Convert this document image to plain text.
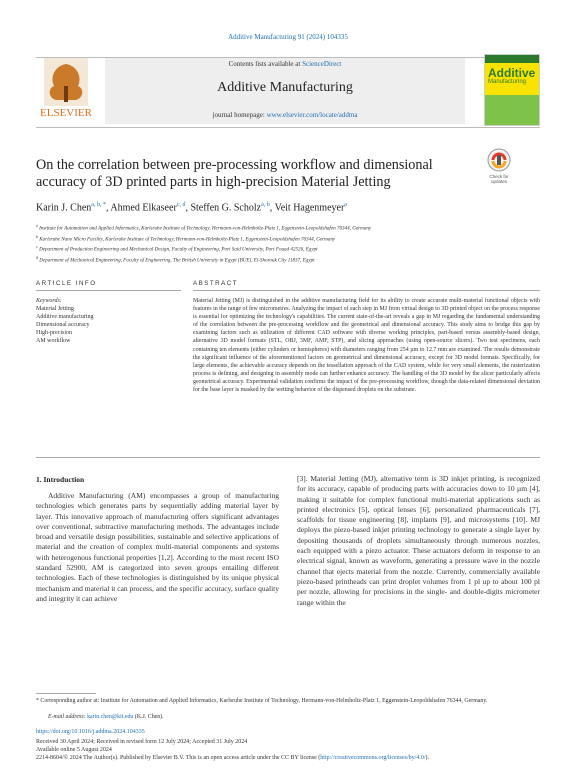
Additive Manufacturing 91 (2024) 104335
ELSEVIER
Contents lists available at ScienceDirect
Additive Manufacturing
journal homepage: www.elsevier.com/locate/addma
Additive
Manufacturing
On the correlation between pre-processing workflow and dimensional accuracy of 3D printed parts in high-precision Material Jetting	Check for updates
Karin J. Chen$^{a, b, *}$, Ahmed Elkaseer$^{c, d}$, Steffen G. Scholz$^{a, b}$, Veit Hagenmeyer$^a$
$^a$ Institute for Automation and Applied Informatics, Karlsruhe Institute of Technology, Hermann-von-Helmholtz-Platz 1, Eggenstein-Leopoldshafen 76344, Germany
$^b$ Karlsruhe Nano Micro Facility, Karlsruhe Institute of Technology, Hermann-von-Helmholtz-Platz 1, Eggenstein-Leopoldshafen 76344, Germany
$^c$ Department of Production Engineering and Mechanical Design, Faculty of Engineering, Port Said University, Port Fouad 42526, Egypt
$^d$ Department of Mechanical Engineering, Faculty of Engineering, The British University in Egypt (BUE), El-Shorouk City 11837, Egypt
ARTICLE INFO	ABSTRACT
Keywords:
Material Jetting
Additive manufacturing
Dimensional accuracy
High-precision
AM workflow
Material Jetting (MJ) is distinguished in the additive manufacturing field for its ability to create accurate multi-material functional objects with features in the range of few micrometres. Analyzing the impact of each step in MJ from virtual design to 3D printed object on the process response is essential for optimizing the technology's capabilities. The current state-of-the-art reveals a gap in MJ regarding the fundamental understanding of the correlation between the pre-processing workflow and the geometrical and dimensional accuracy. This study aims to bridge this gap by examining factors such as utilization of different CAD software with diverse working principles, part-based versus assembly-based design, alternative 3D model formats (STL, OBJ, 3MF, AMF, STP), and slicing approaches (using open-source slicers). Two test specimens, each containing ten elements (either cylinders or hemispheres) with diameters ranging from 254 µm to 12.7 mm are examined. The results demonstrate the significant influence of the aforementioned factors on geometrical and dimensional accuracy, except for 3D model formats. Specifically, for large elements, the achievable accuracy depends on the tessellation approach of the CAD system, while for very small elements, the rasterization process is defining, and designing in assembly mode can further enhance accuracy. The handling of the 3D model by the slicer particularly affects geometrical accuracy. Experimental validation confirms the impact of the pre-processing workflow, though the data-related dimensional deviation for the base layer is masked by the wetting behavior of the dispensed droplets on the substrate.
1. Introduction
Additive Manufacturing (AM) encompasses a group of manufacturing technologies which generates parts by sequentially adding material layer by layer. This innovative approach of manufacturing offers significant advantages over conventional, subtractive manufacturing methods. The advantages include broad and versatile design possibilities, sustainable and selective applications of material and the creation of complex multi-material components and systems with heterogenous functional properties [1,2]. According to the most recent ISO standard 52900, AM is categorized into seven groups entailing different technologies. Each of these technologies is distinguished by its unique physical mechanism and material it can process, and the specific accuracy, surface quality and integrity it can achieve
[3]. Material Jetting (MJ), alternative term is 3D inkjet printing, is recognized for its accuracy, capable of producing parts with accuracies down to 10 µm [4], making it suitable for complex functional multi-material applications such as printed electronics [5], optical lenses [6], personalized pharmaceuticals [7], scaffolds for tissue engineering [8], implants [9], and microsystems [10]. MJ deploys the piezo-based inkjet printing technology to generate a single layer by depositing thousands of droplets simultaneously through numerous nozzles, each equipped with a piezo actuator. These actuators deform in response to an electrical signal, known as waveform, generating a pressure wave in the nozzle channel that ejects material from the nozzle. Currently, commercially available piezo-based printheads can print droplet volumes from 1 pl up to about 100 pl per nozzle, allowing for precisions in the single- and double-digits micrometer range within the
* Corresponding author at: Institute for Automation and Applied Informatics, Karlsruhe Institute of Technology, Hermann-von-Helmholtz-Platz 1, Eggenstein-Leopoldshafen 76344, Germany.
E-mail address: karin.chen@kit.edu (K.J. Chen).
https://doi.org/10.1016/j.addma.2024.104335
Received 30 April 2024; Received in revised form 12 July 2024; Accepted 31 July 2024
Available online 5 August 2024
2214-8604/© 2024 The Author(s). Published by Elsevier B.V. This is an open access article under the CC BY license (http://creativecommons.org/licenses/by/4.0/).
